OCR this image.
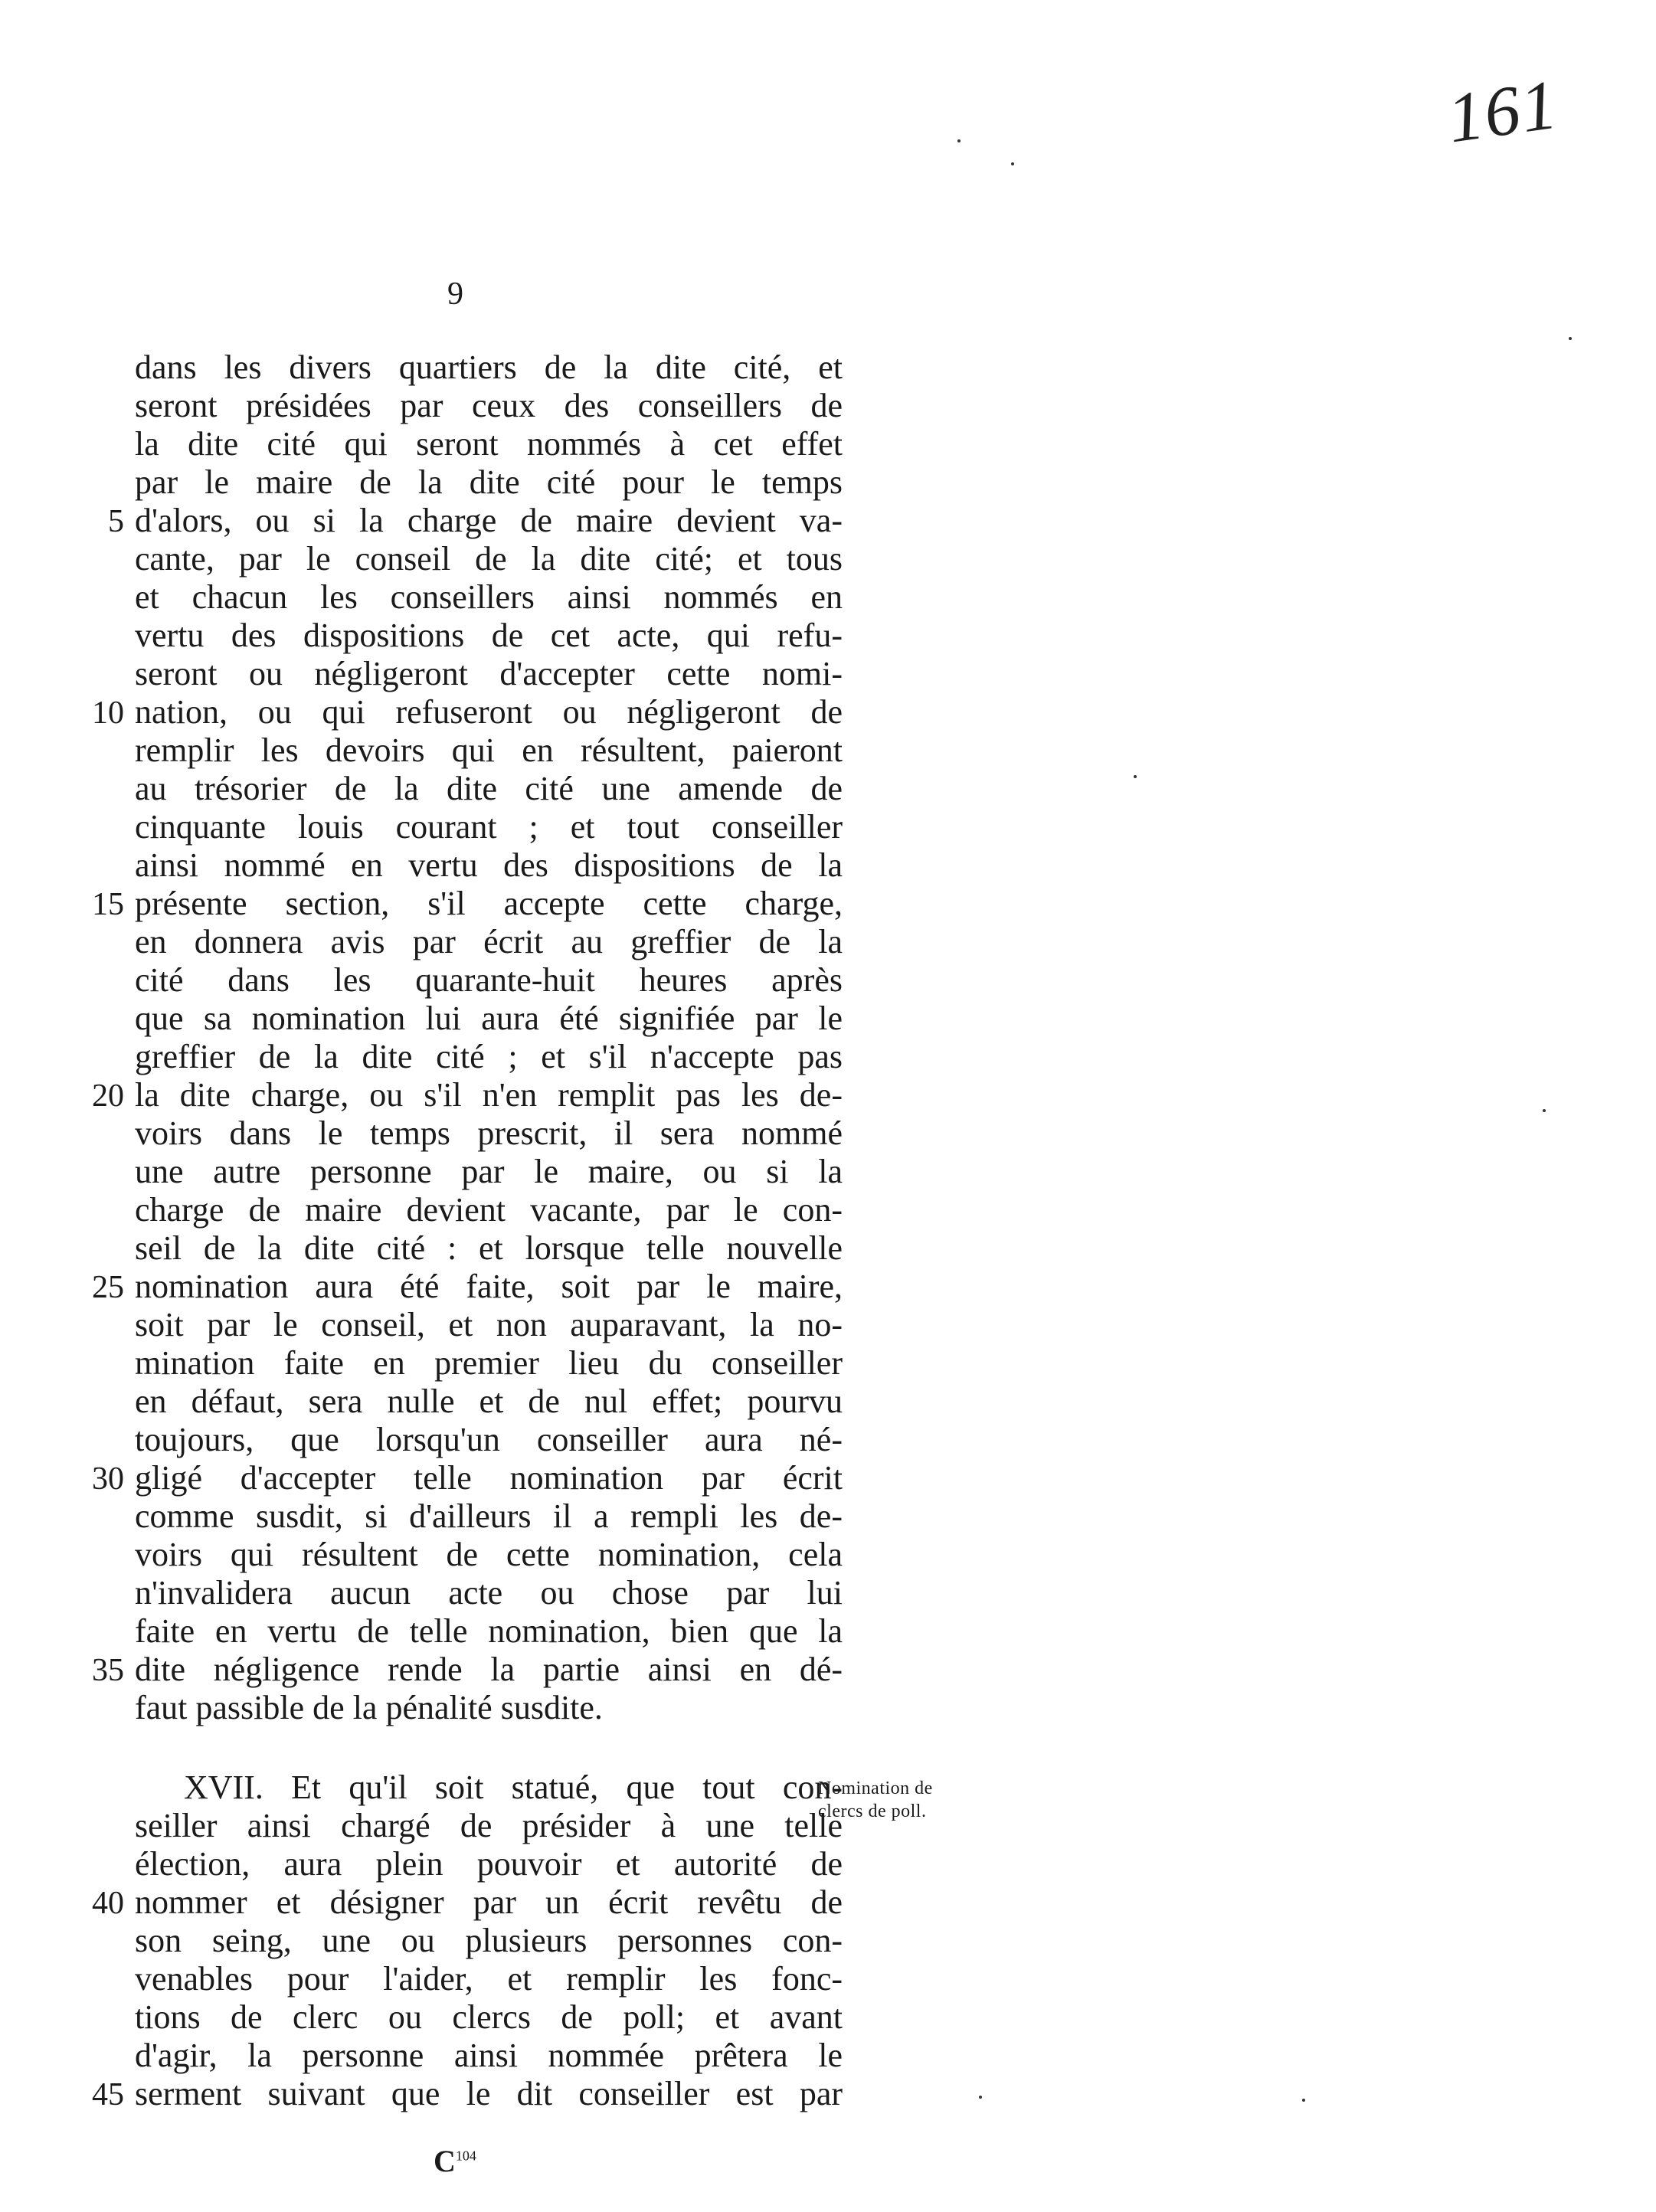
161
9
dans les divers quartiers de la dite cité, et
seront présidées par ceux des conseillers de
la dite cité qui seront nommés à cet effet
par le maire de la dite cité pour le temps
5 d'alors, ou si la charge de maire devient va-
cante, par le conseil de la dite cité; et tous
et chacun les conseillers ainsi nommés en
vertu des dispositions de cet acte, qui refu-
seront ou négligeront d'accepter cette nomi-
10 nation, ou qui refuseront ou négligeront de
remplir les devoirs qui en résultent, paieront
au trésorier de la dite cité une amende de
cinquante louis courant ; et tout conseiller
ainsi nommé en vertu des dispositions de la
15 présente section, s'il accepte cette charge,
en donnera avis par écrit au greffier de la
cité dans les quarante-huit heures après
que sa nomination lui aura été signifiée par le
greffier de la dite cité ; et s'il n'accepte pas
20 la dite charge, ou s'il n'en remplit pas les de-
voirs dans le temps prescrit, il sera nommé
une autre personne par le maire, ou si la
charge de maire devient vacante, par le con-
seil de la dite cité : et lorsque telle nouvelle
25 nomination aura été faite, soit par le maire,
soit par le conseil, et non auparavant, la no-
mination faite en premier lieu du conseiller
en défaut, sera nulle et de nul effet; pourvu
toujours, que lorsqu'un conseiller aura né-
30 gligé d'accepter telle nomination par écrit
comme susdit, si d'ailleurs il a rempli les de-
voirs qui résultent de cette nomination, cela
n'invalidera aucun acte ou chose par lui
faite en vertu de telle nomination, bien que la
35 dite négligence rende la partie ainsi en dé-
faut passible de la pénalité susdite.
XVII. Et qu'il soit statué, que tout con-
seiller ainsi chargé de présider à une telle
élection, aura plein pouvoir et autorité de
40 nommer et désigner par un écrit revêtu de
son seing, une ou plusieurs personnes con-
venables pour l'aider, et remplir les fonc-
tions de clerc ou clercs de poll; et avant
d'agir, la personne ainsi nommée prêtera le
45 serment suivant que le dit conseiller est par
Nomination de clercs de poll.
$C^{104}$
